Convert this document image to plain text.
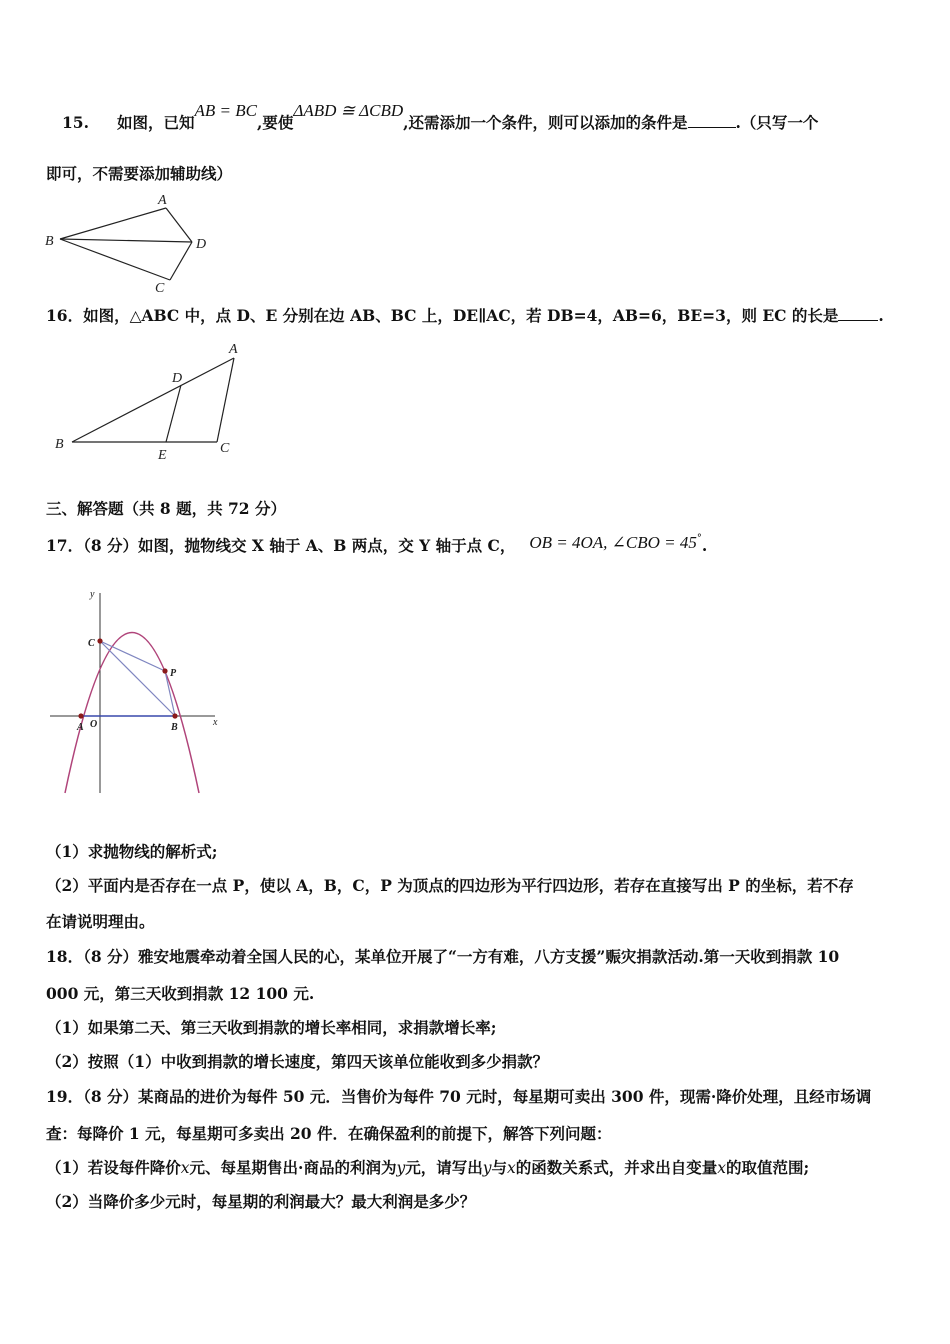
15. 如图，已知AB = BC,要使ΔABD ≅ ΔCBD,还需添加一个条件，则可以添加的条件是	.（只写一个
即可，不需要添加辅助线）
A
B
C
D
16．如图，△ABC 中，点 D、E 分别在边 AB、BC 上，DE∥AC，若 DB=4，AB=6，BE=3，则 EC 的长是	.
A
B	C
D
E
三、解答题（共 8 题，共 72 分）
17．（8 分）如图，抛物线交 X 轴于 A、B 两点，交 Y 轴于点 C， OB = 4OA, ∠CBO = 45°.
y
x
C
P
O
A	B
（1）求抛物线的解析式;
（2）平面内是否存在一点 P，使以 A，B，C，P 为顶点的四边形为平行四边形，若存在直接写出 P 的坐标，若不存
在请说明理由。
18．（8 分）雅安地震牵动着全国人民的心，某单位开展了“一方有难，八方支援”赈灾捐款活动.第一天收到捐款 10
000 元，第三天收到捐款 12 100 元.
（1）如果第二天、第三天收到捐款的增长率相同，求捐款增长率;
（2）按照（1）中收到捐款的增长速度，第四天该单位能收到多少捐款？
19．（8 分）某商品的进价为每件 50 元．当售价为每件 70 元时，每星期可卖出 300 件，现需·降价处理，且经市场调
查：每降价 1 元，每星期可多卖出 20 件．在确保盈利的前提下，解答下列问题：
（1）若设每件降价x元、每星期售出·商品的利润为y元，请写出y与x的函数关系式，并求出自变量x的取值范围;
（2）当降价多少元时，每星期的利润最大？最大利润是多少？
